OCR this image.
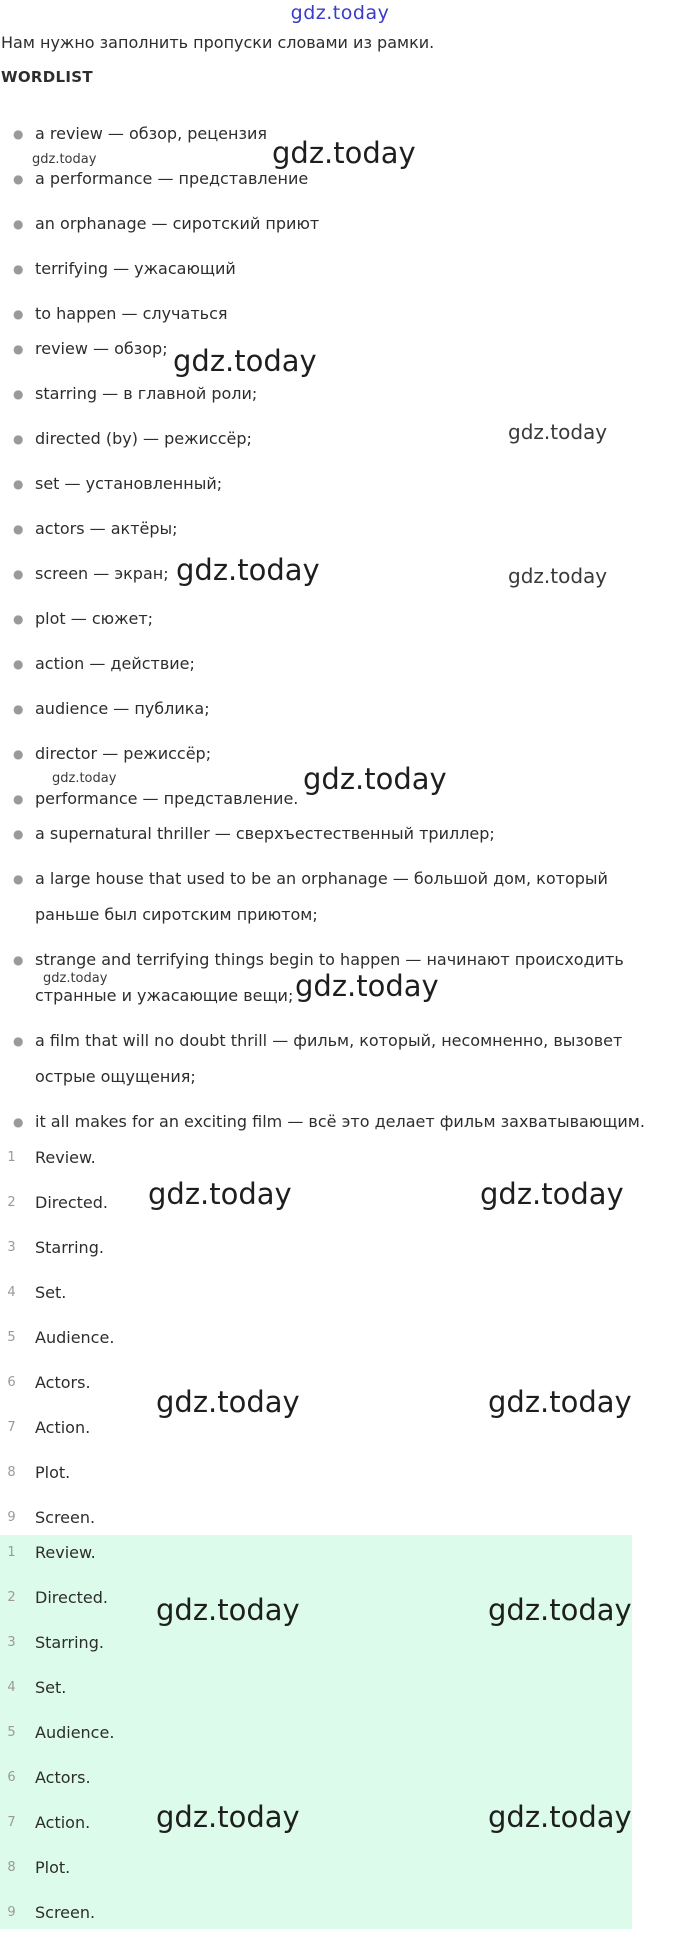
gdz.today
Нам нужно заполнить пропуски словами из рамки.
WORDLIST
● a review — обзор, рецензия
● a performance — представление
● an orphanage — сиротский приют
● terrifying — ужасающий
● to happen — случаться
● review — обзор;
● starring — в главной роли;
● directed (by) — режиссёр;
● set — установленный;
● actors — актёры;
● screen — экран;
● plot — сюжет;
● action — действие;
● audience — публика;
● director — режиссёр;
● performance — представление.
● a supernatural thriller — сверхъестественный триллер;
● a large house that used to be an orphanage — большой дом, который
раньше был сиротским приютом;
● strange and terrifying things begin to happen — начинают происходить
странные и ужасающие вещи;
● a film that will no doubt thrill — фильм, который, несомненно, вызовет
острые ощущения;
● it all makes for an exciting film — всё это делает фильм захватывающим.
1	Review.
2	Directed.
3	Starring.
4	Set.
5	Audience.
6	Actors.
7	Action.
8	Plot.
9	Screen.
1	Review.
2	Directed.
3	Starring.
4	Set.
5	Audience.
6	Actors.
7	Action.
8	Plot.
9	Screen.
gdz.today
gdz.today
gdz.today
gdz.today
gdz.today	gdz.today
gdz.today	gdz.today
gdz.today	gdz.today
gdz.today	gdz.today
gdz.today	gdz.today
gdz.today	gdz.today
gdz.today	gdz.today
